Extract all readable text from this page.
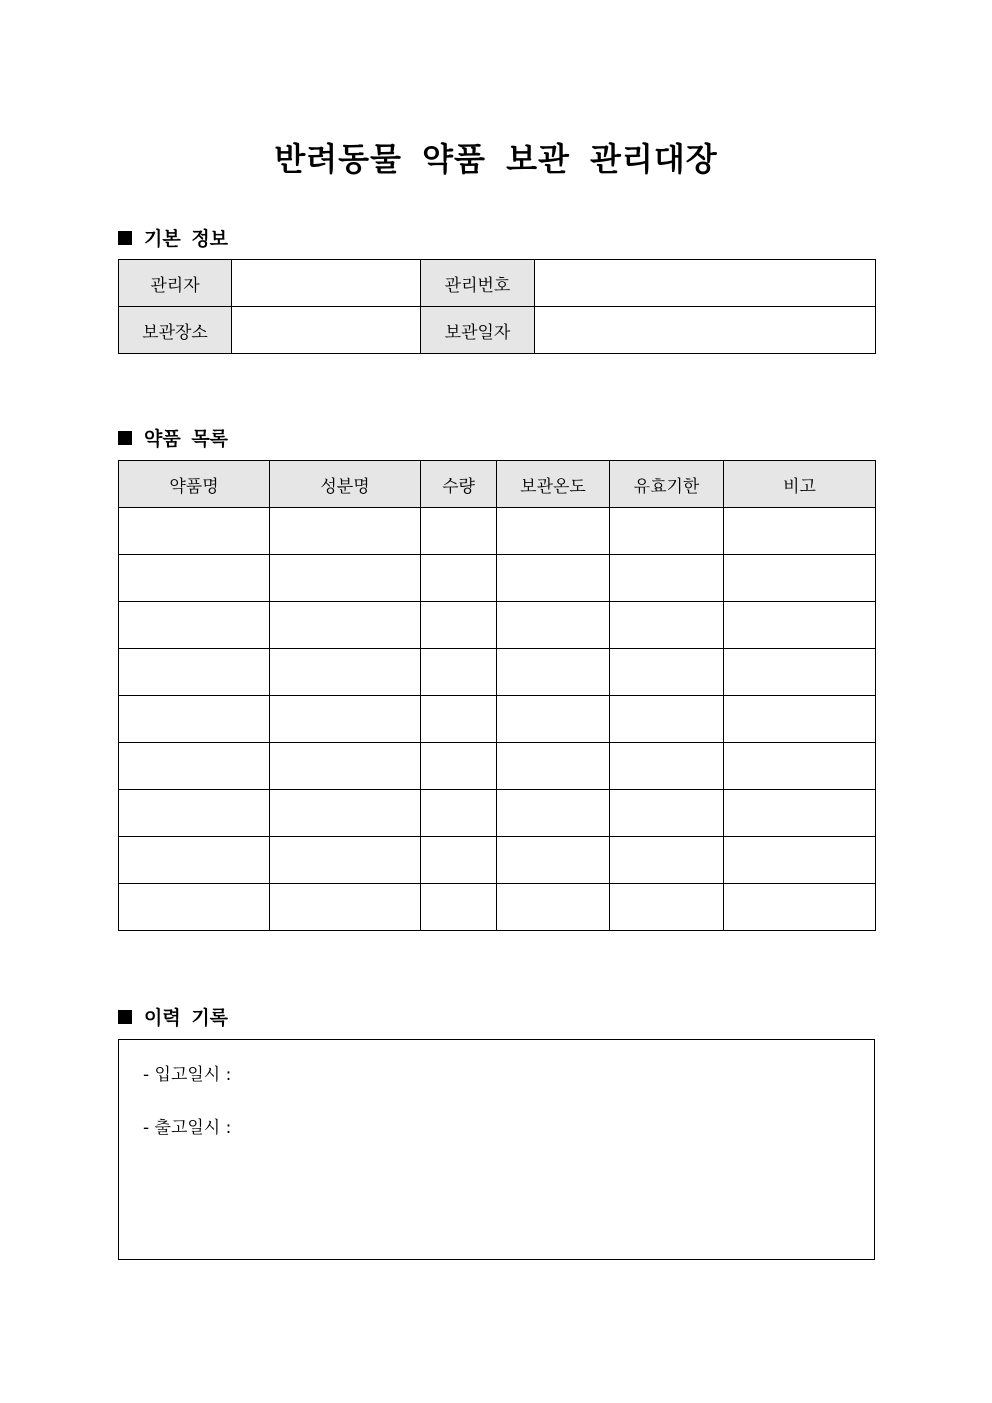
반려동물 약품 보관 관리대장
기본 정보
관리자		관리번호	
보관장소		보관일자	
약품 목록
약품명	성분명	수량	보관온도	유효기한	비고

이력 기록
- 입고일시 :
- 출고일시 :
